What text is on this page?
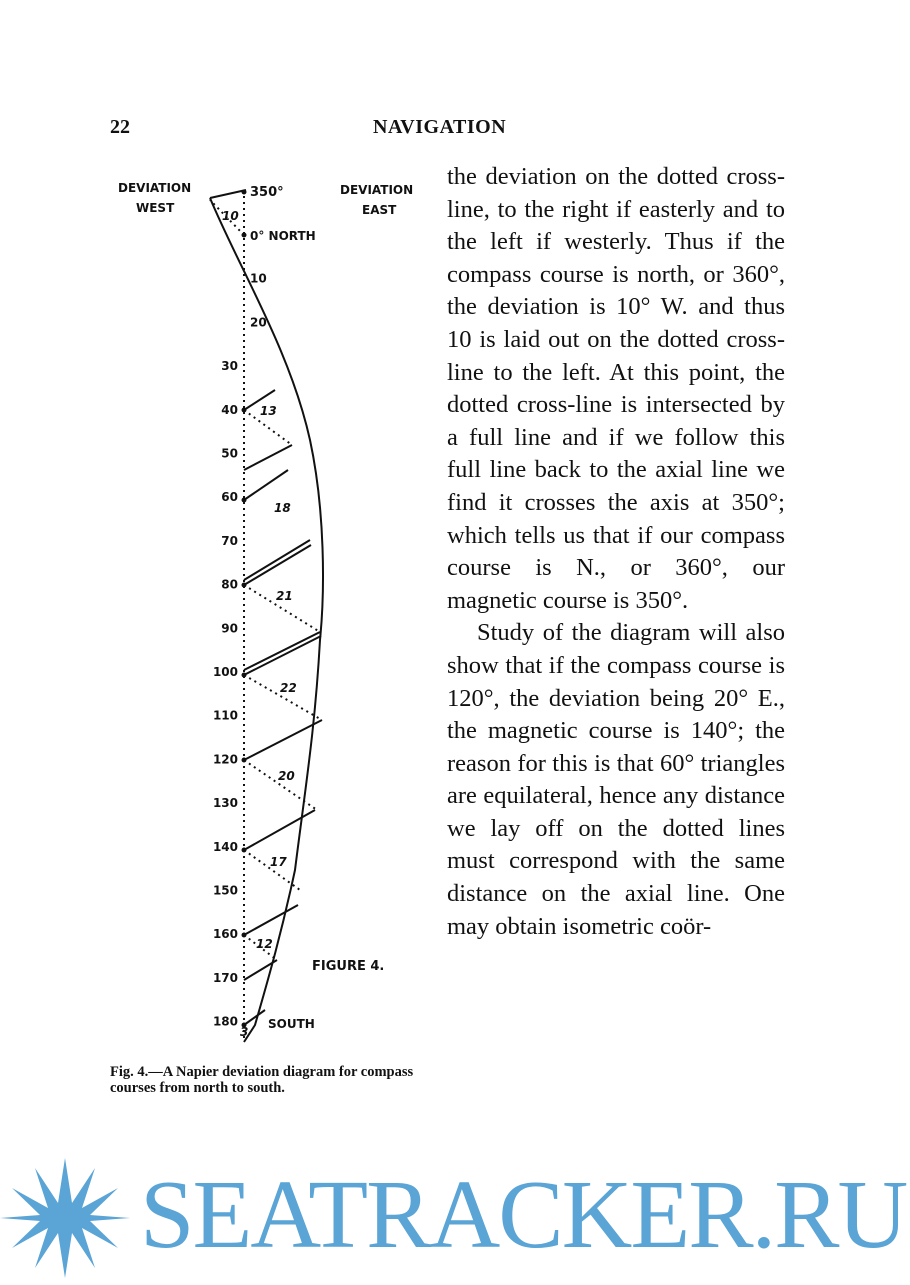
22	NAVIGATION

the deviation on the dotted cross-line, to the right if easterly and to the left if westerly. Thus if the compass course is north, or 360°, the deviation is 10° W. and thus 10 is laid out on the dotted cross-line to the left. At this point, the dotted cross-line is intersected by a full line and if we follow this full line back to the axial line we find it crosses the axis at 350°; which tells us that if our compass course is N., or 360°, our magnetic course is 350°.

Study of the diagram will also show that if the compass course is 120°, the deviation being 20° E., the magnetic course is 140°; the reason for this is that 60° triangles are equilateral, hence any distance we lay off on the dotted lines must correspond with the same distance on the axial line. One may obtain isometric coör-

DEVIATION
WEST
DEVIATION
EAST
350°
0° NORTH
SOUTH
FIGURE 4.
10
20
30
40
50
60
70
80
90
100
110
120
130
140
150
160
170
180
10
13
18
21
22
20
17
12
3
Fig. 4.—A Napier deviation diagram for compass courses from north to south.
SEATRACKER.RU
